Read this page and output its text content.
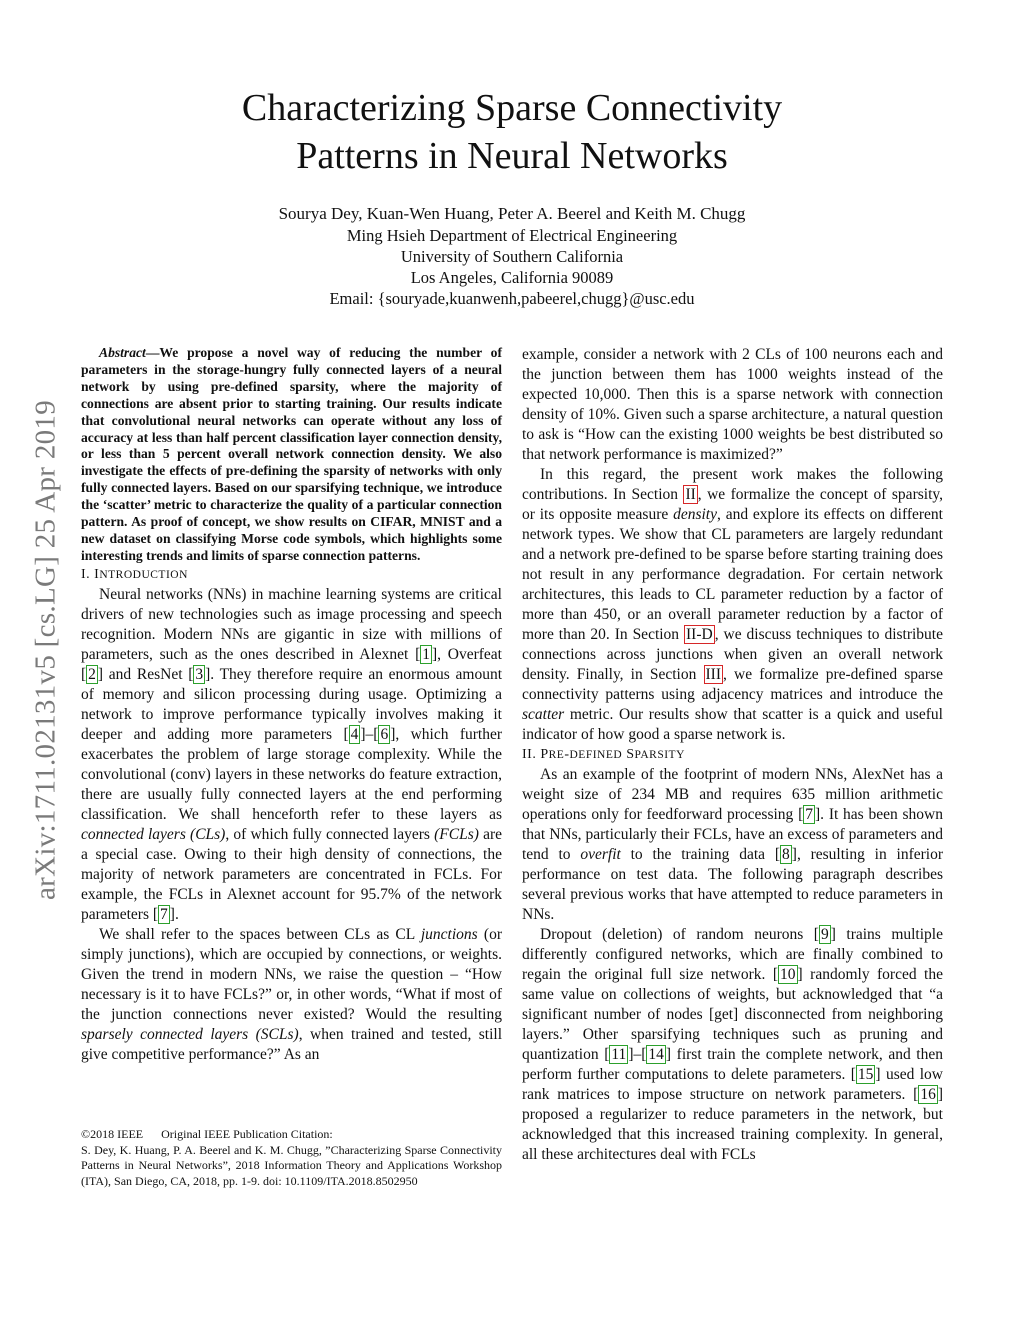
arXiv:1711.02131v5 [cs.LG] 25 Apr 2019
Characterizing Sparse Connectivity
Patterns in Neural Networks
Sourya Dey, Kuan-Wen Huang, Peter A. Beerel and Keith M. Chugg
Ming Hsieh Department of Electrical Engineering
University of Southern California
Los Angeles, California 90089
Email: {souryade,kuanwenh,pabeerel,chugg}@usc.edu

Abstract—We propose a novel way of reducing the number of parameters in the storage-hungry fully connected layers of a neural network by using pre-defined sparsity, where the majority of connections are absent prior to starting training. Our results indicate that convolutional neural networks can operate without any loss of accuracy at less than half percent classification layer connection density, or less than 5 percent overall network connection density. We also investigate the effects of pre-defining the sparsity of networks with only fully connected layers. Based on our sparsifying technique, we introduce the ‘scatter’ metric to characterize the quality of a particular connection pattern. As proof of concept, we show results on CIFAR, MNIST and a new dataset on classifying Morse code symbols, which highlights some interesting trends and limits of sparse connection patterns.

I. INTRODUCTION

Neural networks (NNs) in machine learning systems are critical drivers of new technologies such as image processing and speech recognition. Modern NNs are gigantic in size with millions of parameters, such as the ones described in Alexnet [ 1 ], Overfeat [ 2 ] and ResNet [ 3 ]. They therefore require an enormous amount of memory and silicon processing during usage. Optimizing a network to improve performance typically involves making it deeper and adding more parameters [ 4 ]–[ 6 ], which further exacerbates the problem of large storage complexity. While the convolutional (conv) layers in these networks do feature extraction, there are usually fully connected layers at the end performing classification. We shall henceforth refer to these layers as connected layers (CLs), of which fully connected layers (FCLs) are a special case. Owing to their high density of connections, the majority of network parameters are concentrated in FCLs. For example, the FCLs in Alexnet account for 95.7% of the network parameters [ 7 ].

We shall refer to the spaces between CLs as CL junctions (or simply junctions), which are occupied by connections, or weights. Given the trend in modern NNs, we raise the question – “How necessary is it to have FCLs?” or, in other words, “What if most of the junction connections never existed? Would the resulting sparsely connected layers (SCLs), when trained and tested, still give competitive performance?” As an

©2018 IEEE Original IEEE Publication Citation:
S. Dey, K. Huang, P. A. Beerel and K. M. Chugg, ”Characterizing Sparse Connectivity Patterns in Neural Networks”, 2018 Information Theory and Applications Workshop (ITA), San Diego, CA, 2018, pp. 1-9. doi: 10.1109/ITA.2018.8502950

example, consider a network with 2 CLs of 100 neurons each and the junction between them has 1000 weights instead of the expected 10,000. Then this is a sparse network with connection density of 10%. Given such a sparse architecture, a natural question to ask is “How can the existing 1000 weights be best distributed so that network performance is maximized?”

In this regard, the present work makes the following contributions. In Section II , we formalize the concept of sparsity, or its opposite measure density, and explore its effects on different network types. We show that CL parameters are largely redundant and a network pre-defined to be sparse before starting training does not result in any performance degradation. For certain network architectures, this leads to CL parameter reduction by a factor of more than 450, or an overall parameter reduction by a factor of more than 20. In Section II-D , we discuss techniques to distribute connections across junctions when given an overall network density. Finally, in Section III , we formalize pre-defined sparse connectivity patterns using adjacency matrices and introduce the scatter metric. Our results show that scatter is a quick and useful indicator of how good a sparse network is.

II. PRE-DEFINED SPARSITY

As an example of the footprint of modern NNs, AlexNet has a weight size of 234 MB and requires 635 million arithmetic operations only for feedforward processing [ 7 ]. It has been shown that NNs, particularly their FCLs, have an excess of parameters and tend to overfit to the training data [ 8 ], resulting in inferior performance on test data. The following paragraph describes several previous works that have attempted to reduce parameters in NNs.

Dropout (deletion) of random neurons [ 9 ] trains multiple differently configured networks, which are finally combined to regain the original full size network. [ 10 ] randomly forced the same value on collections of weights, but acknowledged that “a significant number of nodes [get] disconnected from neighboring layers.” Other sparsifying techniques such as pruning and quantization [ 11 ]–[ 14 ] first train the complete network, and then perform further computations to delete parameters. [ 15 ] used low rank matrices to impose structure on network parameters. [ 16 ] proposed a regularizer to reduce parameters in the network, but acknowledged that this increased training complexity. In general, all these architectures deal with FCLs
